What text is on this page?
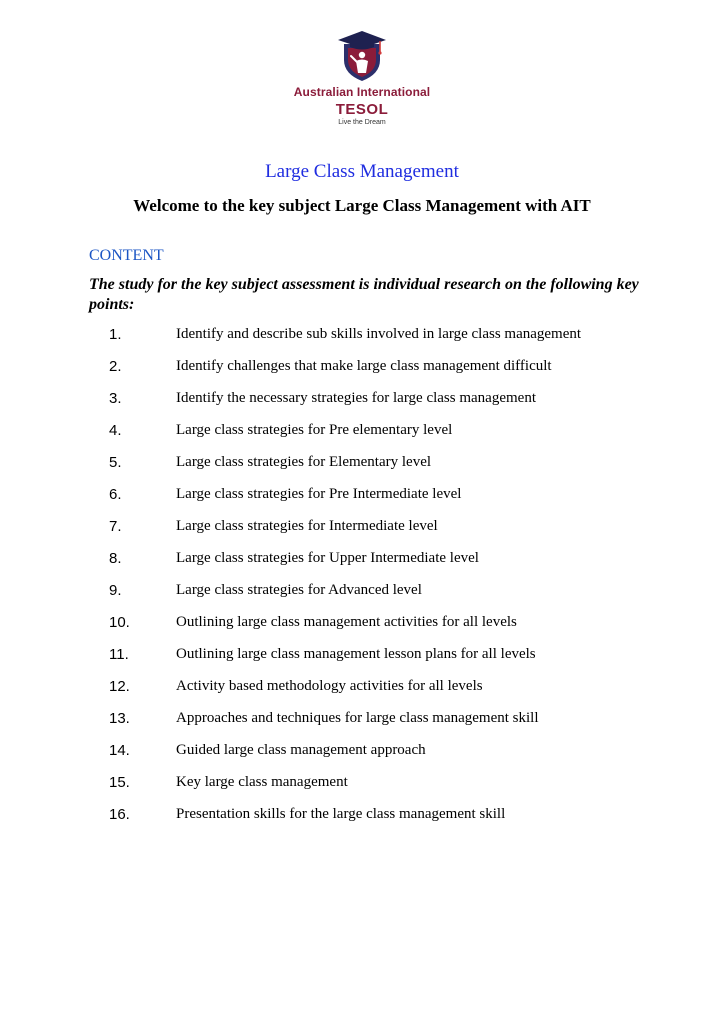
Australian International
TESOL
Live the Dream
Large Class Management
Welcome to the key subject Large Class Management with AIT
CONTENT
The study for the key subject assessment is individual research on the following key points:
1.	Identify and describe sub skills involved in large class management
2.	Identify challenges that make large class management difficult
3.	Identify the necessary strategies for large class management
4.	Large class strategies for Pre elementary level
5.	Large class strategies for Elementary level
6.	Large class strategies for Pre Intermediate level
7.	Large class strategies for Intermediate level
8.	Large class strategies for Upper Intermediate level
9.	Large class strategies for Advanced level
10.	Outlining large class management activities for all levels
11.	Outlining large class management lesson plans for all levels
12.	Activity based methodology activities for all levels
13.	Approaches and techniques for large class management skill
14.	Guided large class management approach
15.	Key large class management
16.	Presentation skills for the large class management skill
